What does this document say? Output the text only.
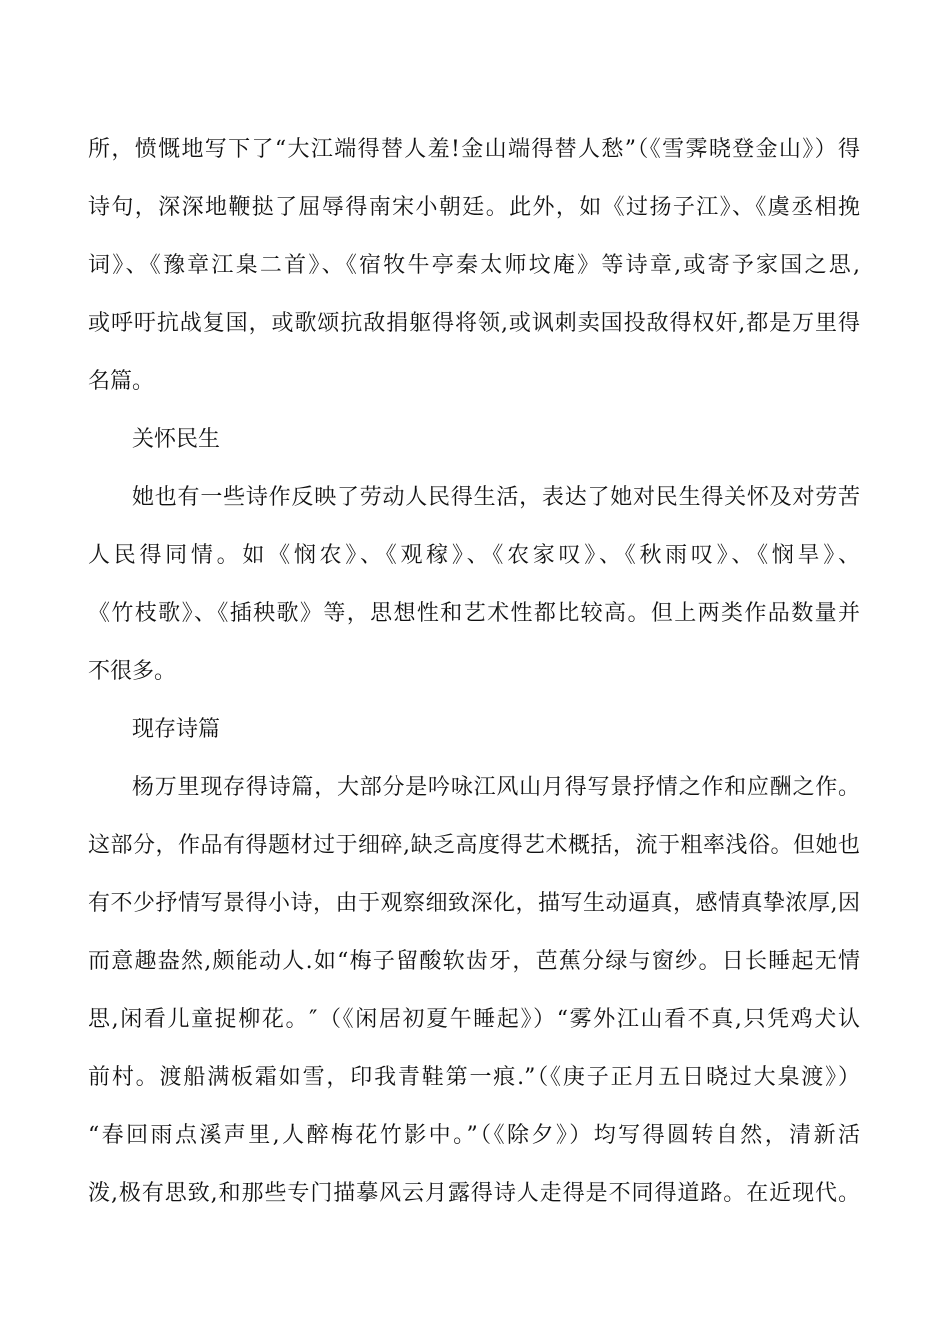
所，愤慨地写下了“大江端得替人羞!金山端得替人愁”（《雪霁晓登金山》）得
诗句，深深地鞭挞了屈辱得南宋小朝廷。此外，如《过扬子江》、《虞丞相挽
词》、《豫章江臬二首》、《宿牧牛亭秦太师坟庵》等诗章,或寄予家国之思,
或呼吁抗战复国，或歌颂抗敌捐躯得将领,或讽刺卖国投敌得权奸,都是万里得
名篇。
关怀民生
她也有一些诗作反映了劳动人民得生活，表达了她对民生得关怀及对劳苦
人民得同情。如《悯农》、《观稼》、《农家叹》、《秋雨叹》、《悯旱》、
《竹枝歌》、《插秧歌》等，思想性和艺术性都比较高。但上两类作品数量并
不很多。
现存诗篇
杨万里现存得诗篇，大部分是吟咏江风山月得写景抒情之作和应酬之作。
这部分，作品有得题材过于细碎,缺乏高度得艺术概括，流于粗率浅俗。但她也
有不少抒情写景得小诗，由于观察细致深化，描写生动逼真，感情真挚浓厚,因
而意趣盎然,颇能动人.如“梅子留酸软齿牙，芭蕉分绿与窗纱。日长睡起无情
思,闲看儿童捉柳花。″（《闲居初夏午睡起》）“雾外江山看不真,只凭鸡犬认
前村。渡船满板霜如雪，印我青鞋第一痕.”（《庚子正月五日晓过大臬渡》）
“春回雨点溪声里,人醉梅花竹影中。”（《除夕》）均写得圆转自然，清新活
泼,极有思致,和那些专门描摹风云月露得诗人走得是不同得道路。在近现代。
